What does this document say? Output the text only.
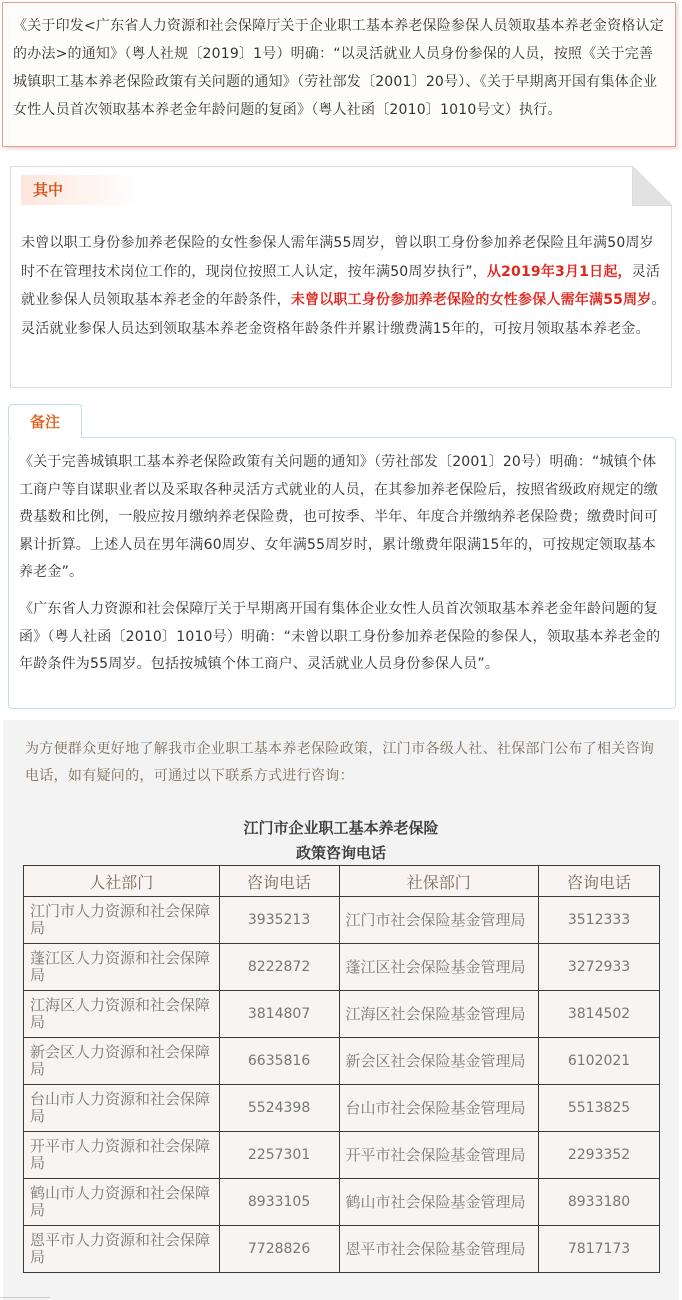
《关于印发<广东省人力资源和社会保障厅关于企业职工基本养老保险参保人员领取基本养老金资格认定的办法>的通知》（粤人社规〔2019〕1号）明确：“以灵活就业人员身份参保的人员，按照《关于完善城镇职工基本养老保险政策有关问题的通知》（劳社部发〔2001〕20号）、《关于早期离开国有集体企业女性人员首次领取基本养老金年龄问题的复函》（粤人社函〔2010〕1010号文）执行。
其中
未曾以职工身份参加养老保险的女性参保人需年满55周岁，曾以职工身份参加养老保险且年满50周岁时不在管理技术岗位工作的，现岗位按照工人认定，按年满50周岁执行”，从2019年3月1日起，灵活就业参保人员领取基本养老金的年龄条件，未曾以职工身份参加养老保险的女性参保人需年满55周岁。灵活就业参保人员达到领取基本养老金资格年龄条件并累计缴费满15年的，可按月领取基本养老金。
备注
《关于完善城镇职工基本养老保险政策有关问题的通知》（劳社部发〔2001〕20号）明确：“城镇个体工商户等自谋职业者以及采取各种灵活方式就业的人员，在其参加养老保险后，按照省级政府规定的缴费基数和比例，一般应按月缴纳养老保险费，也可按季、半年、年度合并缴纳养老保险费；缴费时间可累计折算。上述人员在男年满60周岁、女年满55周岁时，累计缴费年限满15年的，可按规定领取基本养老金”。
《广东省人力资源和社会保障厅关于早期离开国有集体企业女性人员首次领取基本养老金年龄问题的复函》（粤人社函〔2010〕1010号）明确：“未曾以职工身份参加养老保险的参保人，领取基本养老金的年龄条件为55周岁。包括按城镇个体工商户、灵活就业人员身份参保人员”。
为方便群众更好地了解我市企业职工基本养老保险政策，江门市各级人社、社保部门公布了相关咨询电话，如有疑问的，可通过以下联系方式进行咨询：
江门市企业职工基本养老保险
政策咨询电话
人社部门	咨询电话	社保部门	咨询电话
江门市人力资源和社会保障局	3935213	江门市社会保险基金管理局	3512333
蓬江区人力资源和社会保障局	8222872	蓬江区社会保险基金管理局	3272933
江海区人力资源和社会保障局	3814807	江海区社会保险基金管理局	3814502
新会区人力资源和社会保障局	6635816	新会区社会保险基金管理局	6102021
台山市人力资源和社会保障局	5524398	台山市社会保险基金管理局	5513825
开平市人力资源和社会保障局	2257301	开平市社会保险基金管理局	2293352
鹤山市人力资源和社会保障局	8933105	鹤山市社会保险基金管理局	8933180
恩平市人力资源和社会保障局	7728826	恩平市社会保险基金管理局	7817173
